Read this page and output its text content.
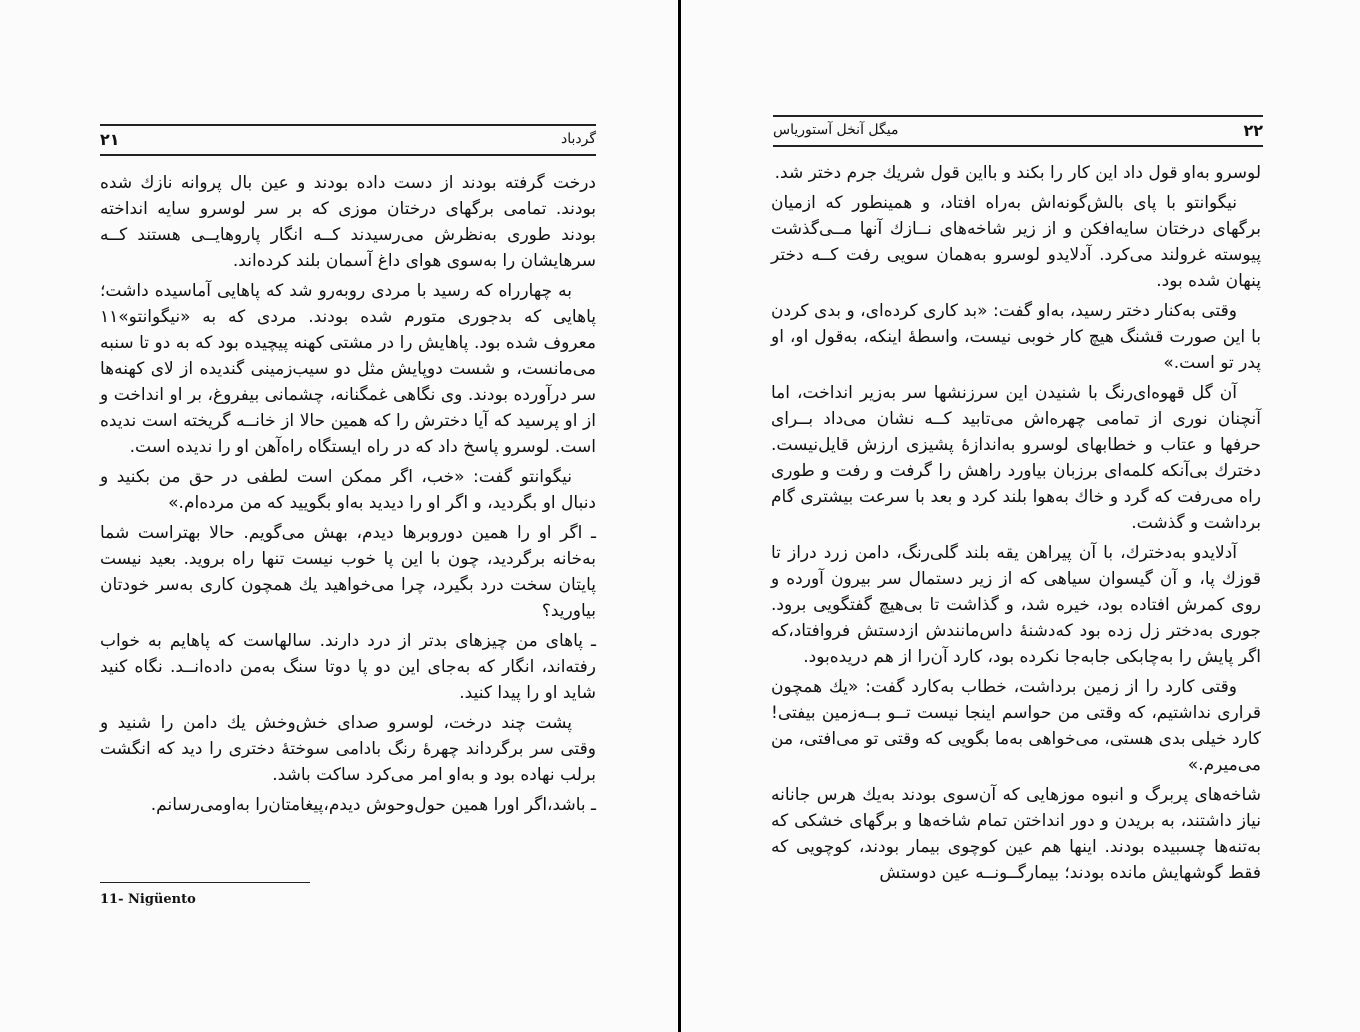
۲۱	گردباد

درخت گرفته بودند از دست داده بودند و عین بال پروانه نازك شده بودند. تمامی برگهای درختان موزی که بر سر لوسرو سایه انداخته بودند طوری به‌نظرش می‌رسیدند کــه انگار پاروهایــی هستند کــه سرهایشان را به‌سوی هوای داغ آسمان بلند کرده‌اند.

به چهارراه که رسید با مردی روبه‌رو شد که پاهایی آماسیده داشت؛ پاهایی که بدجوری متورم شده بودند. مردی که به «نیگوانتو»۱۱ معروف شده بود. پاهایش را در مشتی کهنه پیچیده بود که به دو تا سنبه می‌مانست، و شست دوپایش مثل دو سیب‌زمینی گندیده از لای کهنه‌ها سر درآورده بودند. وی نگاهی غمگنانه، چشمانی بیفروغ، بر او انداخت و از او پرسید که آیا دخترش را که همین حالا از خانــه گریخته است ندیده است. لوسرو پاسخ داد که در راه ایستگاه راه‌آهن او را ندیده است.

نیگوانتو گفت: «خب، اگر ممکن است لطفی در حق من بکنید و دنبال او بگردید، و اگر او را دیدید به‌او بگویید که من مرده‌ام.»

ـ اگر او را همین دوروبرها دیدم، بهش می‌گویم. حالا بهتراست شما به‌خانه برگردید، چون با این پا خوب نیست تنها راه بروید. بعید نیست پایتان سخت درد بگیرد، چرا می‌خواهید یك همچون کاری به‌سر خودتان بیاورید؟

ـ پاهای من چیزهای بدتر از درد دارند. سالهاست که پاهایم به خواب رفته‌اند، انگار که به‌جای این دو پا دوتا سنگ به‌من داده‌انــد. نگاه کنید شاید او را پیدا کنید.

پشت چند درخت، لوسرو صدای خش‌وخش یك دامن را شنید و وقتی سر برگرداند چهرهٔ رنگ بادامی سوختهٔ دختری را دید که انگشت برلب نهاده بود و به‌او امر می‌کرد ساکت باشد.

ـ باشد،اگر اورا همین حول‌وحوش دیدم،پیغامتان‌را به‌اومی‌رسانم.

11- Nigüento
میگل آنخل آستوریاس	۲۲

لوسرو به‌او قول داد این کار را بکند و بااین قول شریك جرم دختر شد.

نیگوانتو با پای بالش‌گونه‌اش به‌راه افتاد، و همینطور که ازمیان برگهای درختان سایه‌افکن و از زیر شاخه‌های نــازك آنها مــی‌گذشت پیوسته غرولند می‌کرد. آدلایدو لوسرو به‌همان سویی رفت کــه دختر پنهان شده بود.

وقتی به‌کنار دختر رسید، به‌او گفت: «بد کاری کرده‌ای، و بدی کردن با این صورت قشنگ هیچ کار خوبی نیست، واسطهٔ اینکه، به‌قول او، او پدر تو است.»

آن گل قهوه‌ای‌رنگ با شنیدن این سرزنشها سر به‌زیر انداخت، اما آنچنان نوری از تمامی چهره‌اش می‌تابید کــه نشان می‌داد بــرای حرفها و عتاب و خطابهای لوسرو به‌اندازهٔ پشیزی ارزش قایل‌نیست. دخترك بی‌آنکه کلمه‌ای برزبان بیاورد راهش را گرفت و رفت و طوری راه می‌رفت که گرد و خاك به‌هوا بلند کرد و بعد با سرعت بیشتری گام برداشت و گذشت.

آدلایدو به‌دخترك، با آن پیراهن یقه بلند گلی‌رنگ، دامن زرد دراز تا قوزك پا، و آن گیسوان سیاهی که از زیر دستمال سر بیرون آورده و روی کمرش افتاده بود، خیره شد، و گذاشت تا بی‌هیچ گفتگویی برود. جوری به‌دختر زل زده بود که‌دشنهٔ داس‌مانندش ازدستش فروافتاد،که اگر پایش را به‌چابکی جابه‌جا نکرده بود، کارد آن‌را از هم دریده‌بود.

وقتی کارد را از زمین برداشت، خطاب به‌کارد گفت: «یك همچون قراری نداشتیم، که وقتی من حواسم اینجا نیست تــو بــه‌زمین بیفتی! کارد خیلی بدی هستی، می‌خواهی به‌ما بگویی که وقتی تو می‌افتی، من می‌میرم.»

شاخه‌های پربرگ و انبوه موزهایی که آن‌سوی بودند به‌یك هرس جانانه نیاز داشتند، به بریدن و دور انداختن تمام شاخه‌ها و برگهای خشکی که به‌تنه‌ها چسبیده بودند. اینها هم عین کوچوی بیمار بودند، کوچویی که فقط گوشهایش مانده بودند؛ بیمارگــونــه عین دوستش
